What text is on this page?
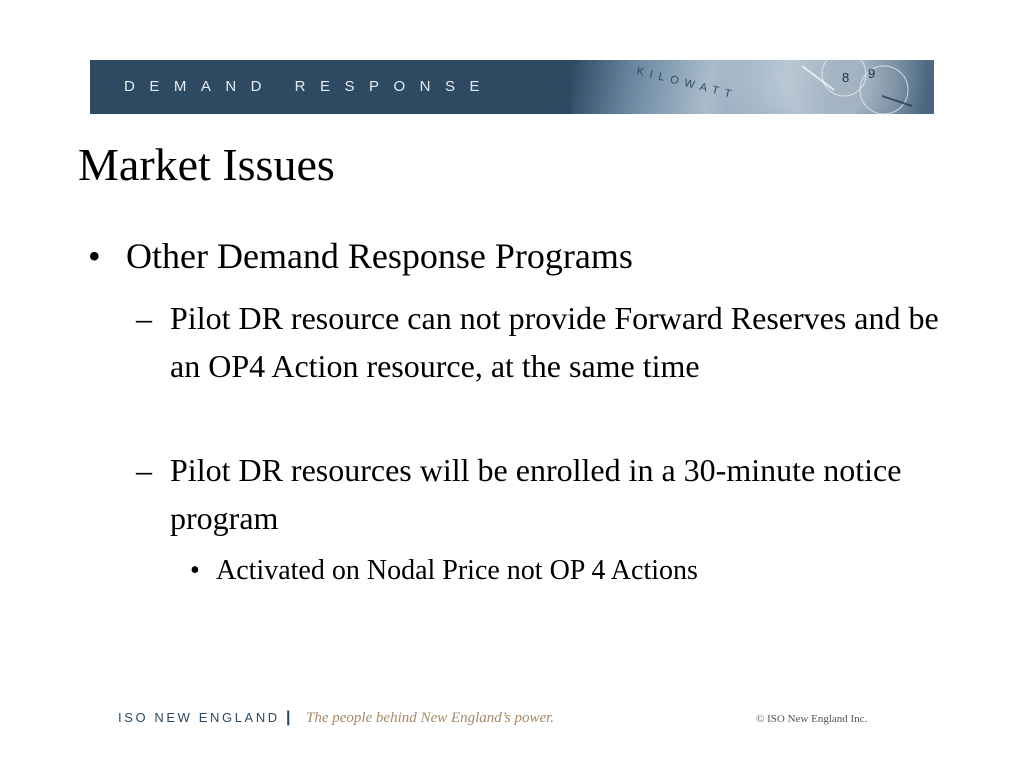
DEMAND RESPONSE	KILOWATT	8 9
Market Issues
• Other Demand Response Programs
– Pilot DR resource can not provide Forward Reserves and be an OP4 Action resource, at the same time
– Pilot DR resources will be enrolled in a 30-minute notice program
• Activated on Nodal Price not OP 4 Actions
ISO NEW ENGLAND | The people behind New England’s power.	© ISO New England Inc.
